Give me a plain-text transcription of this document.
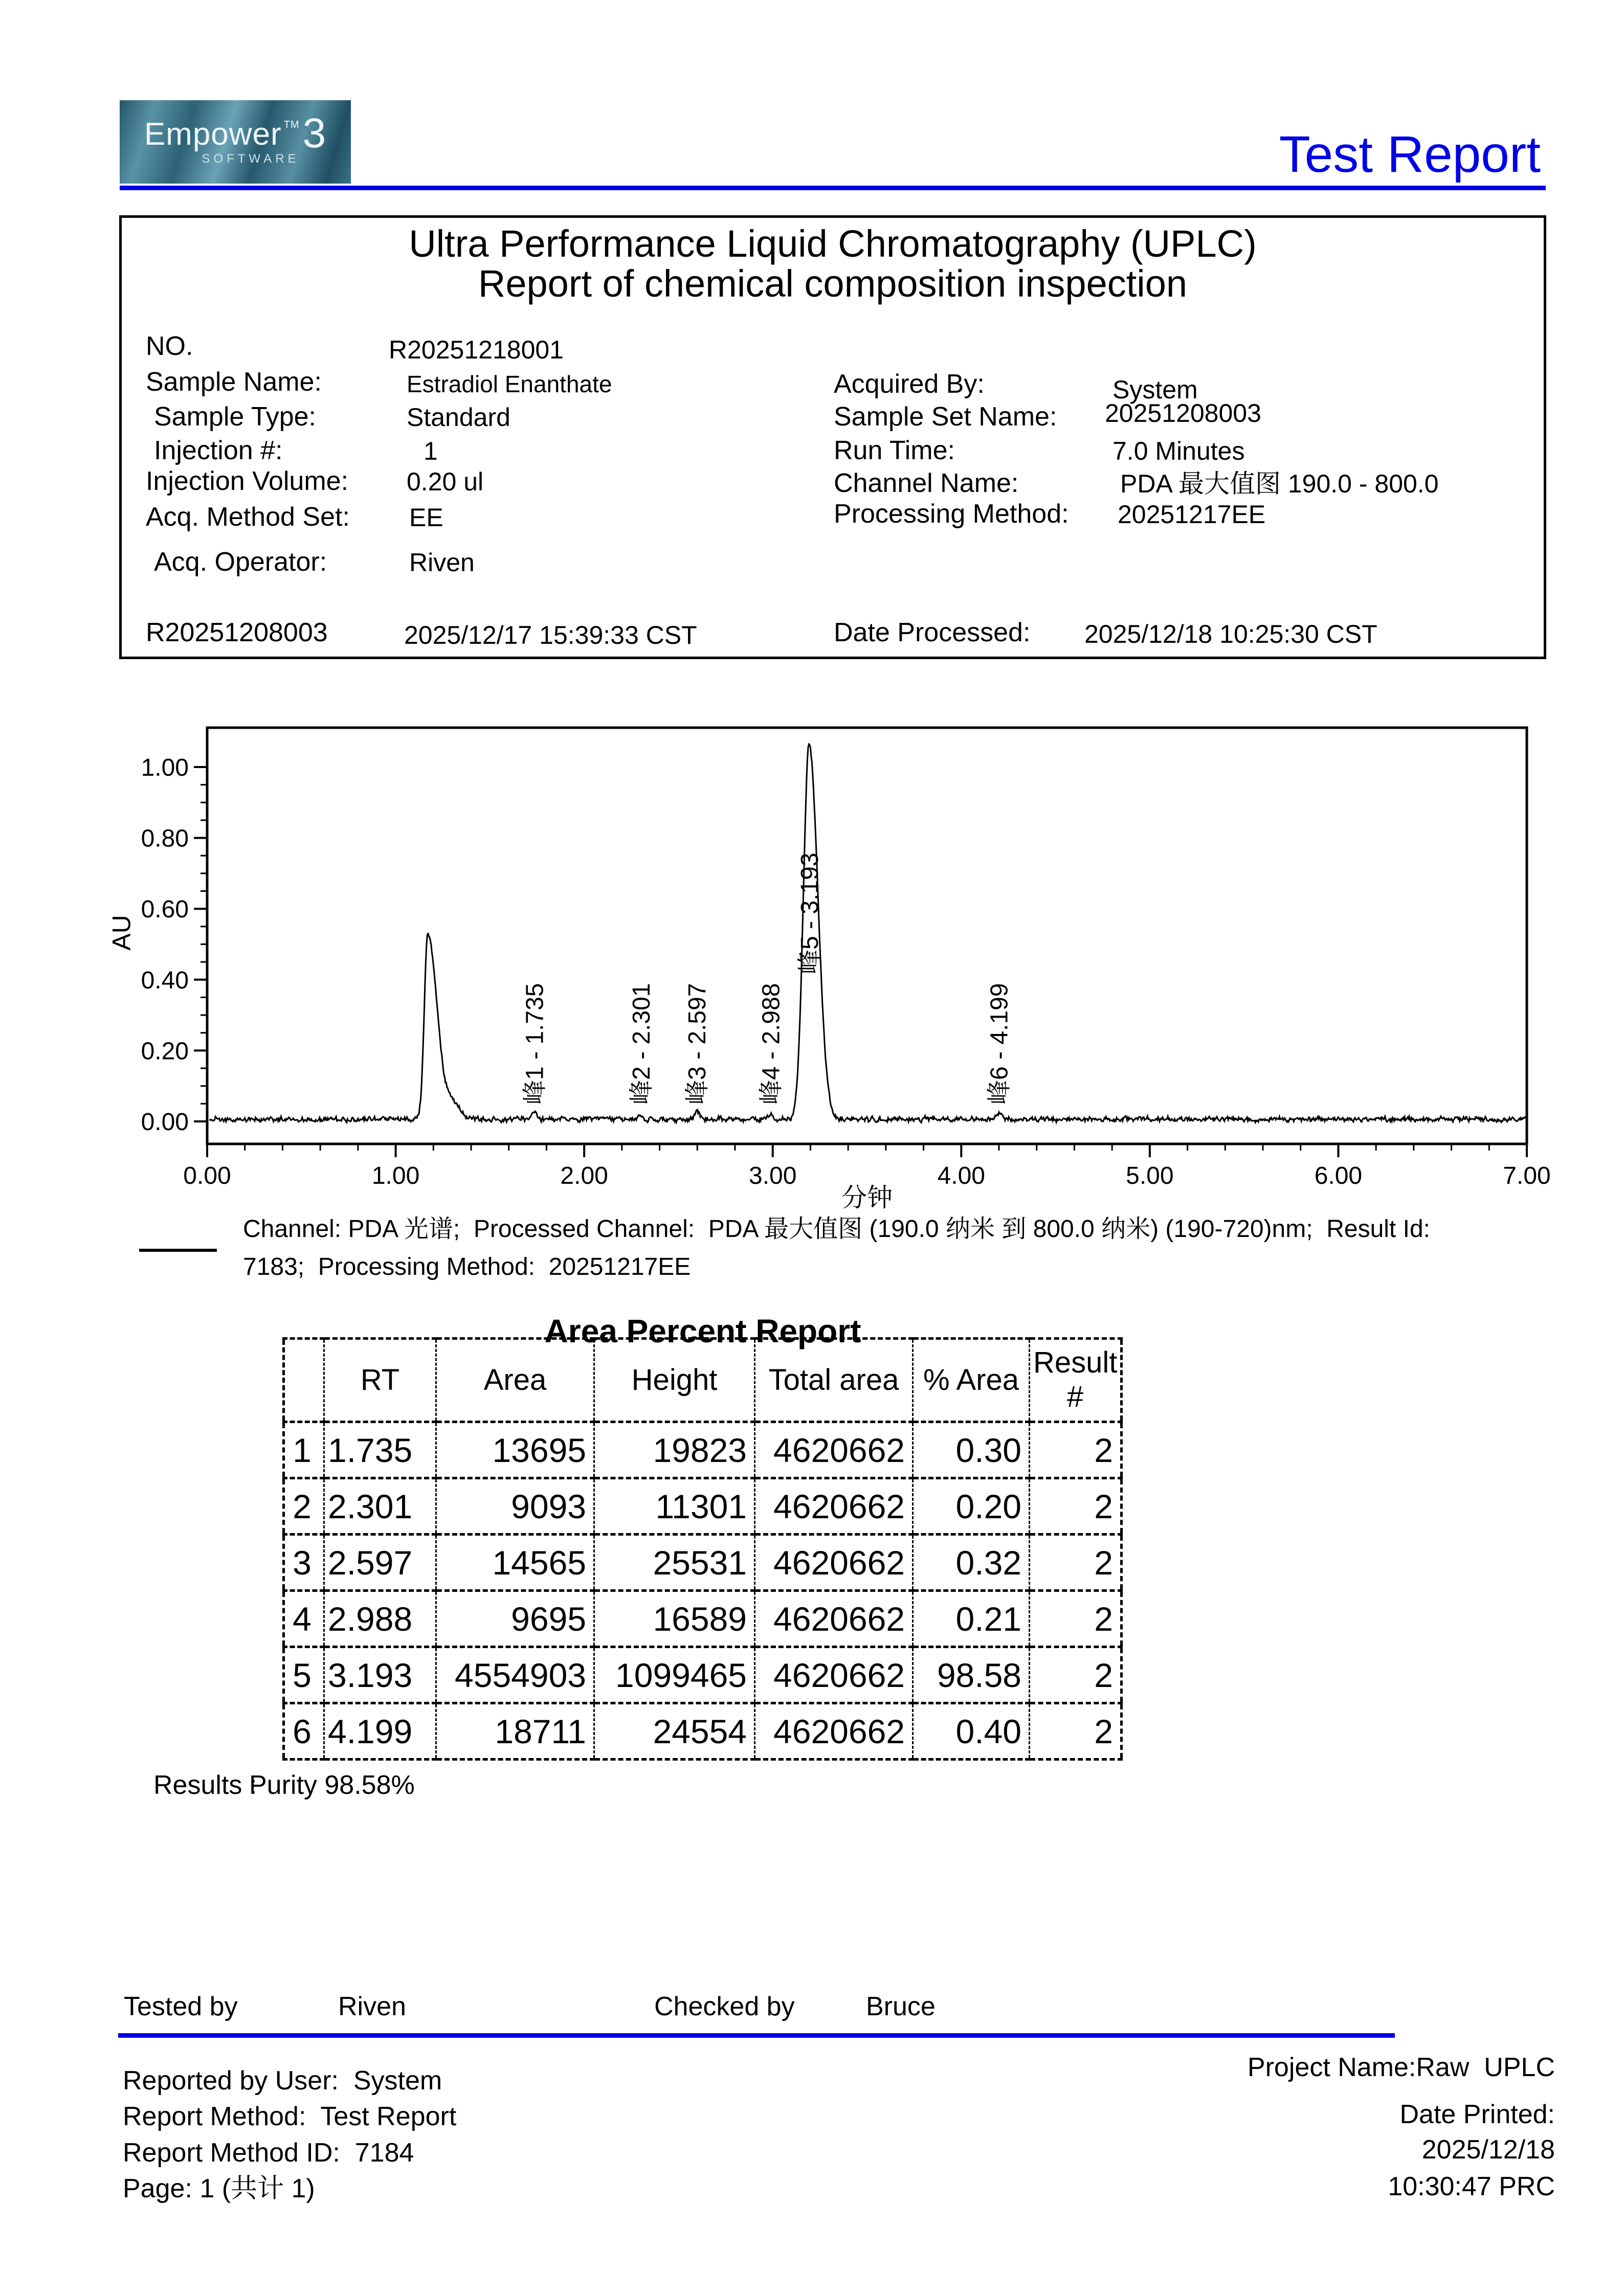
Empower TM 3
SOFTWARE	Test Report
Ultra Performance Liquid Chromatography (UPLC)
Report of chemical composition inspection
NO.	R20251218001
Sample Name:	Estradiol Enanthate
Sample Type:	Standard
Injection #:	1
Injection Volume: 0.20 ul
Acq. Method Set: EE
Acq. Operator:	Riven
R20251208003	2025/12/17 15:39:33 CST
Acquired By:	System
Sample Set Name: 20251208003
Run Time:	7.0 Minutes
Channel Name:	PDA 最大值图 190.0 - 800.0
Processing Method: 20251217EE
Date Processed: 2025/12/18 10:25:30 CST
AU
0.00	1.00	2.00	3.00	4.00	5.00	6.00	7.00
0.00
0.20
0.40
0.60
0.80
1.00
分钟
峰1 - 1.735	峰2 - 2.301 峰3 - 2.597 峰4 - 2.988
峰5 - 3.193
峰6 - 4.199
Channel: PDA 光谱;  Processed Channel:  PDA 最大值图 (190.0 纳米 到 800.0 纳米) (190-720)nm;  Result Id:
7183;  Processing Method:  20251217EE
Area Percent Report
	RT	Area	Height	Total area	% Area	Result #
1	1.735	13695	19823	4620662	0.30	2
2	2.301	9093	11301	4620662	0.20	2
3	2.597	14565	25531	4620662	0.32	2
4	2.988	9695	16589	4620662	0.21	2
5	3.193	4554903	1099465	4620662	98.58	2
6	4.199	18711	24554	4620662	0.40	2
Results :
Purity 98.58%
Tested by	Riven	Checked by	Bruce
Reported by User:  System
Report Method:  Test Report
Report Method ID:  7184
Page: 1 (共计 1)
Project Name:Raw  UPLC
Date Printed:
2025/12/18
10:30:47 PRC
